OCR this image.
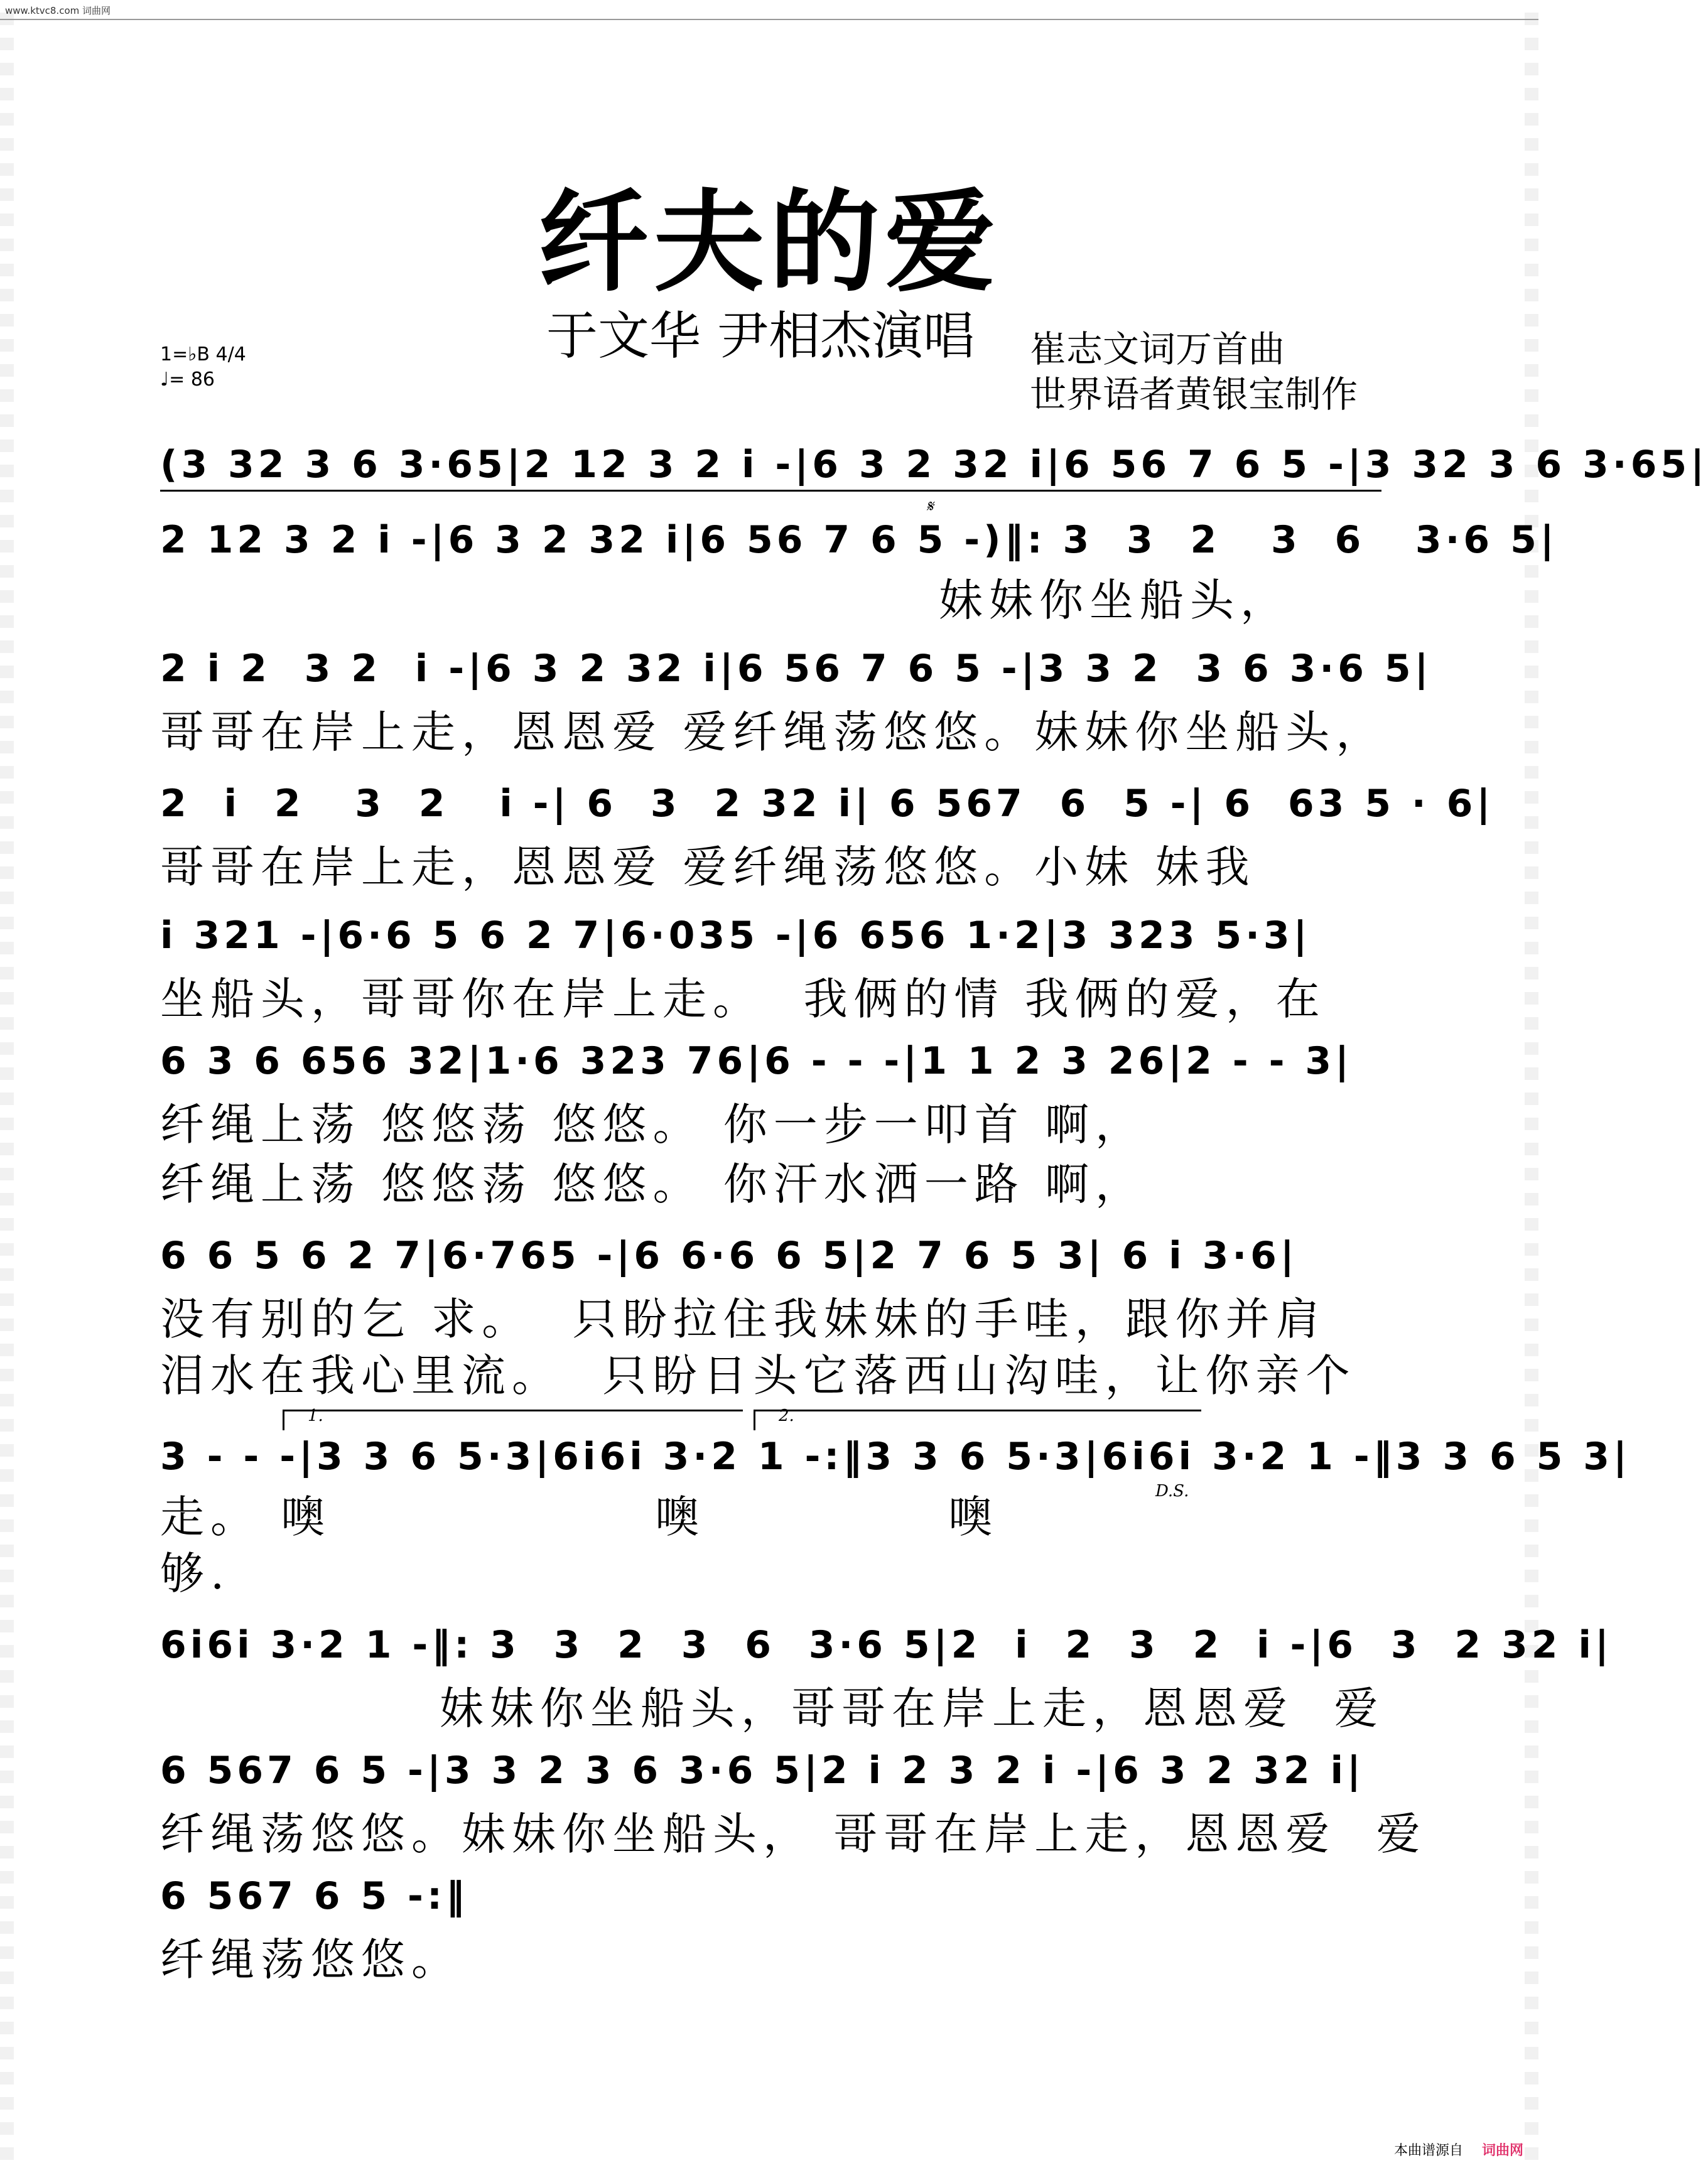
www.ktvc8.com 词曲网
纤夫的爱
于文华 尹相杰演唱 崔志文词万首曲
世界语者黄银宝制作
1=♭B 4/4
♩= 86
(3 32 3 6 3·65|2 12 3 2 i -|6 3 2 32 i|6 56 7 6 5 -|3 32 3 6 3·65|
2 12 3 2 i -|6 3 2 32 i|6 56 7 6 5 -)‖: 3  3  2   3  6   3·6 5|
妹妹你坐船头，
𝄋
2 i 2  3 2  i -|6 3 2 32 i|6 56 7 6 5 -|3 3 2  3 6 3·6 5|
哥哥在岸上走，恩恩爱 爱纤绳荡悠悠。妹妹你坐船头，
2  i  2   3  2   i -| 6  3  2 32 i| 6 567  6  5 -| 6  63 5 · 6|
哥哥在岸上走，恩恩爱 爱纤绳荡悠悠。小妹 妹我
i 321 -|6·6 5 6 2 7|6·035 -|6 656 1·2|3 323 5·3|
坐船头，哥哥你在岸上走。  我俩的情 我俩的爱，在
6 3 6 656 32|1·6 323 76|6 - - -|1 1 2 3 26|2 - - 3|
纤绳上荡 悠悠荡 悠悠。 你一步一叩首 啊，
纤绳上荡 悠悠荡 悠悠。 你汗水洒一路 啊，
6 6 5 6 2 7|6·765 -|6 6·6 6 5|2 7 6 5 3| 6 i 3·6|
没有别的乞 求。  只盼拉住我妹妹的手哇，跟你并肩
泪水在我心里流。  只盼日头它落西山沟哇，让你亲个
1.	2.
3 - - -|3 3 6 5·3|6i6i 3·2 1 -:‖3 3 6 5·3|6i6i 3·2 1 -‖3 3 6 5 3|
D.S.
走。 噢                噢            噢
够.
6i6i 3·2 1 -‖: 3  3  2  3  6  3·6 5|2  i  2  3  2  i -|6  3  2 32 i|
妹妹你坐船头，哥哥在岸上走，恩恩爱  爱
6 567 6 5 -|3 3 2 3 6 3·6 5|2 i 2 3 2 i -|6 3 2 32 i|
纤绳荡悠悠。妹妹你坐船头， 哥哥在岸上走，恩恩爱  爱
6 567 6 5 -:‖
纤绳荡悠悠。
本曲谱源自 词曲网
